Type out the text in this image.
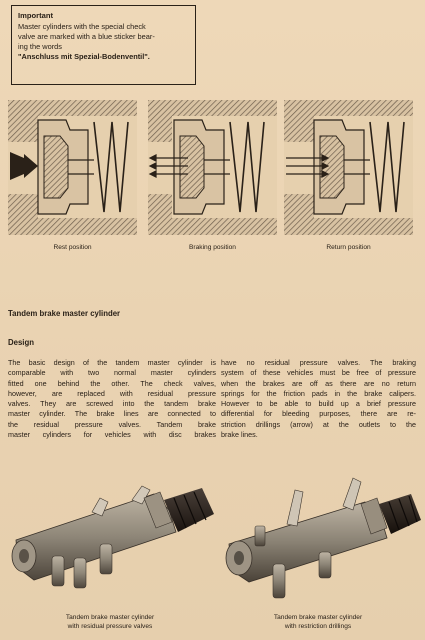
Important
Master cylinders with the special check
valve are marked with a blue sticker bear-
ing the words
"Anschluss mit Spezial-Bodenventil".
Rest position	Braking position	Return position
Tandem brake master cylinder
Design
The basic design of the tandem master cylinder is
comparable with two normal master cylinders
fitted one behind the other. The check valves,
however, are replaced with residual pressure
valves. They are screwed into the tandem brake
master cylinder. The brake lines are connected to
the residual pressure valves. Tandem brake
master cylinders for vehicles with disc brakes
have no residual pressure valves. The braking
system of these vehicles must be free of pressure
when the brakes are off as there are no return
springs for the friction pads in the brake calipers.
However to be able to build up a brief pressure
differential for bleeding purposes, there are re-
striction drillings (arrow) at the outlets to the
brake lines.
Tandem brake master cylinder
with residual pressure valves
Tandem brake master cylinder
with restriction drillings
